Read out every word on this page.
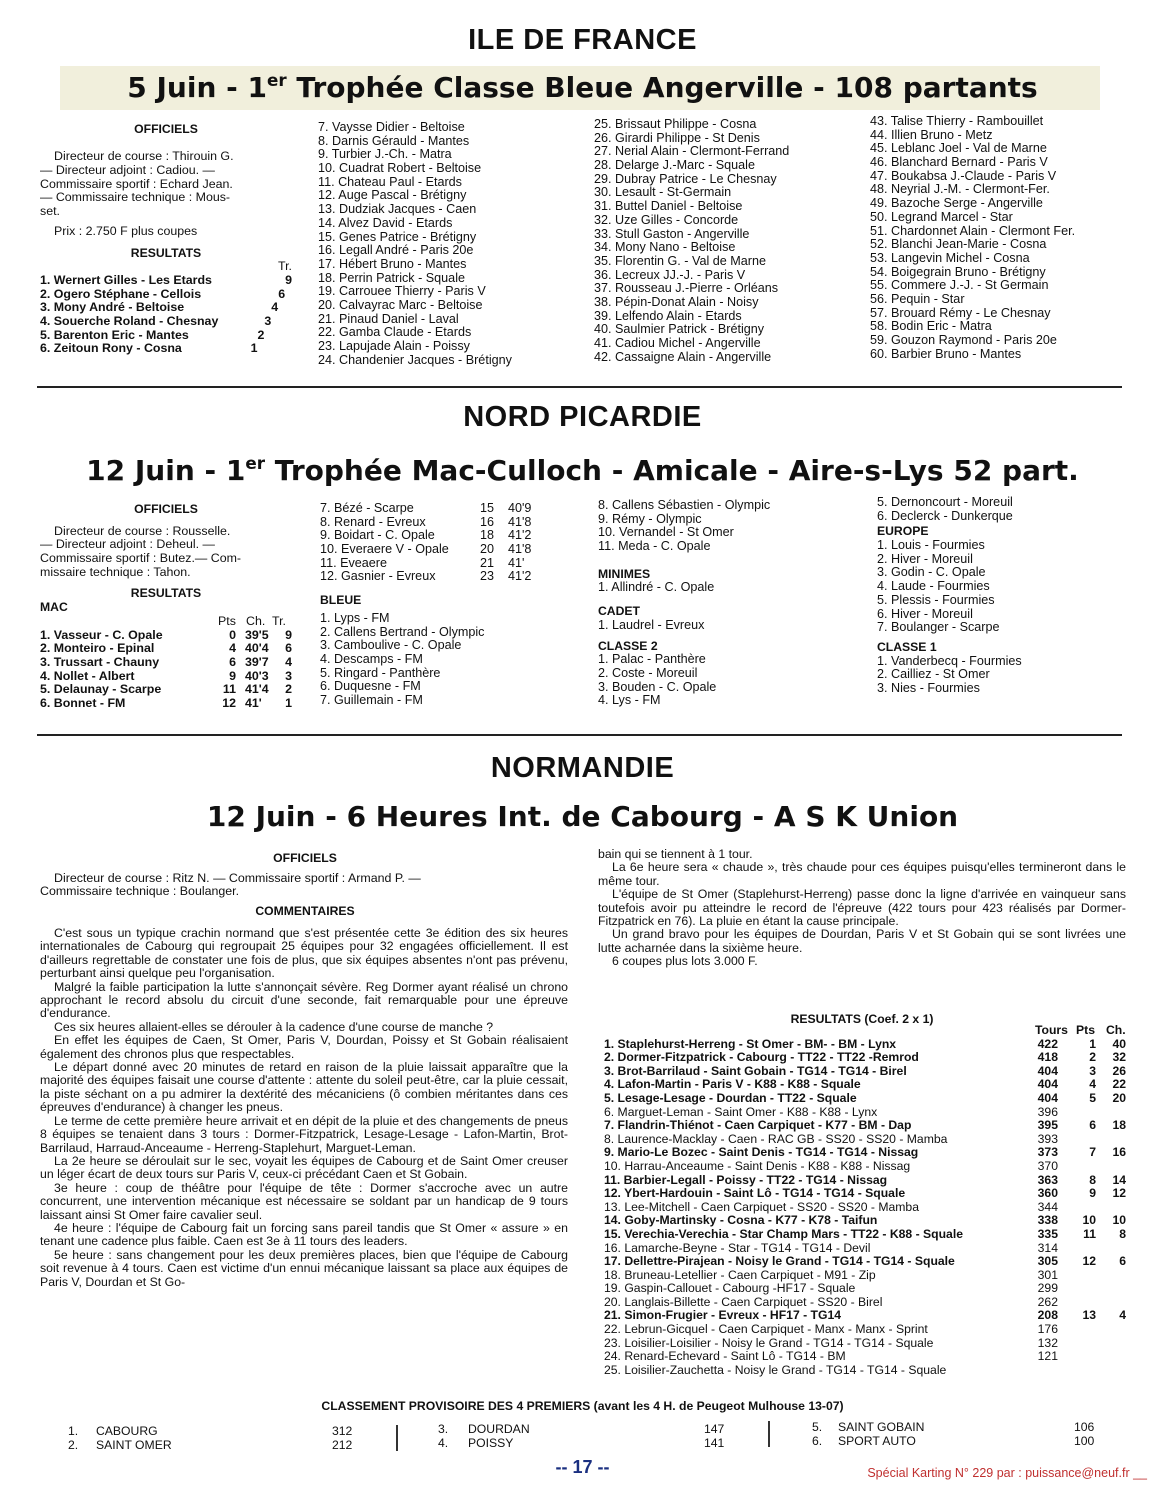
ILE DE FRANCE
5 Juin - 1er Trophée Classe Bleue Angerville - 108 partants
OFFICIELS
Directeur de course : Thirouin G.
— Directeur adjoint : Cadiou. —
Commissaire sportif : Echard Jean.
— Commissaire technique : Mous-
set.
Prix : 2.750 F plus coupes
RESULTATS
Tr.
1. Wernert Gilles - Les Etards	9
2. Ogero Stéphane - Cellois	6
3. Mony André - Beltoise	4
4. Souerche Roland - Chesnay	3
5. Barenton Eric - Mantes	2
6. Zeitoun Rony - Cosna	1
7. Vaysse Didier - Beltoise
8. Darnis Gérauld - Mantes
9. Turbier J.-Ch. - Matra
10. Cuadrat Robert - Beltoise
11. Chateau Paul - Etards
12. Auge Pascal - Brétigny
13. Dudziak Jacques - Caen
14. Alvez David - Etards
15. Genes Patrice - Brétigny
16. Legall André - Paris 20e
17. Hébert Bruno - Mantes
18. Perrin Patrick - Squale
19. Carrouee Thierry - Paris V
20. Calvayrac Marc - Beltoise
21. Pinaud Daniel - Laval
22. Gamba Claude - Etards
23. Lapujade Alain - Poissy
24. Chandenier Jacques - Brétigny
25. Brissaut Philippe - Cosna
26. Girardi Philippe - St Denis
27. Nerial Alain - Clermont-Ferrand
28. Delarge J.-Marc - Squale
29. Dubray Patrice - Le Chesnay
30. Lesault - St-Germain
31. Buttel Daniel - Beltoise
32. Uze Gilles - Concorde
33. Stull Gaston - Angerville
34. Mony Nano - Beltoise
35. Florentin G. - Val de Marne
36. Lecreux JJ.-J. - Paris V
37. Rousseau J.-Pierre - Orléans
38. Pépin-Donat Alain - Noisy
39. Lelfendo Alain - Etards
40. Saulmier Patrick - Brétigny
41. Cadiou Michel - Angerville
42. Cassaigne Alain - Angerville
43. Talise Thierry - Rambouillet
44. Illien Bruno - Metz
45. Leblanc Joel - Val de Marne
46. Blanchard Bernard - Paris V
47. Boukabsa J.-Claude - Paris V
48. Neyrial J.-M. - Clermont-Fer.
49. Bazoche Serge - Angerville
50. Legrand Marcel - Star
51. Chardonnet Alain - Clermont Fer.
52. Blanchi Jean-Marie - Cosna
53. Langevin Michel - Cosna
54. Boigegrain Bruno - Brétigny
55. Commere J.-J. - St Germain
56. Pequin - Star
57. Brouard Rémy - Le Chesnay
58. Bodin Eric - Matra
59. Gouzon Raymond - Paris 20e
60. Barbier Bruno - Mantes
NORD PICARDIE
12 Juin - 1er Trophée Mac-Culloch - Amicale - Aire-s-Lys 52 part.
OFFICIELS
Directeur de course : Rousselle.
— Directeur adjoint : Deheul. —
Commissaire sportif : Butez.— Com-
missaire technique : Tahon.
RESULTATS
MAC
Pts Ch. Tr.
1. Vasseur - C. Opale	0 39'5	9
2. Monteiro - Epinal	4 40'4	6
3. Trussart - Chauny	6 39'7	4
4. Nollet - Albert	9 40'3	3
5. Delaunay - Scarpe	11 41'4	2
6. Bonnet - FM	12 41'	1
7. Bézé - Scarpe	15 40'9
8. Renard - Evreux	16 41'8
9. Boidart - C. Opale	18 41'2
10. Everaere V - Opale	20 41'8
11. Eveaere	21 41'
12. Gasnier - Evreux	23 41'2
BLEUE
1. Lyps - FM
2. Callens Bertrand - Olympic
3. Camboulive - C. Opale
4. Descamps - FM
5. Ringard - Panthère
6. Duquesne - FM
7. Guillemain - FM
8. Callens Sébastien - Olympic
9. Rémy - Olympic
10. Vernandel - St Omer
11. Meda - C. Opale
MINIMES
1. Allindré - C. Opale
CADET
1. Laudrel - Evreux
CLASSE 2
1. Palac - Panthère
2. Coste - Moreuil
3. Bouden - C. Opale
4. Lys - FM
5. Dernoncourt - Moreuil
6. Declerck - Dunkerque
EUROPE
1. Louis - Fourmies
2. Hiver - Moreuil
3. Godin - C. Opale
4. Laude - Fourmies
5. Plessis - Fourmies
6. Hiver - Moreuil
7. Boulanger - Scarpe
CLASSE 1
1. Vanderbecq - Fourmies
2. Cailliez - St Omer
3. Nies - Fourmies
NORMANDIE
12 Juin - 6 Heures Int. de Cabourg - A S K Union
OFFICIELS
Directeur de course : Ritz N. — Commissaire sportif : Armand P. —
Commissaire technique : Boulanger.
COMMENTAIRES

C'est sous un typique crachin normand que s'est présentée cette 3e édition des six heures internationales de Cabourg qui regroupait 25 équipes pour 32 engagées officiellement. Il est d'ailleurs regrettable de constater une fois de plus, que six équipes absentes n'ont pas prévenu, perturbant ainsi quelque peu l'organisation.

Malgré la faible participation la lutte s'annonçait sévère. Reg Dormer ayant réalisé un chrono approchant le record absolu du circuit d'une seconde, fait remarquable pour une épreuve d'endurance.

Ces six heures allaient-elles se dérouler à la cadence d'une course de manche ?

En effet les équipes de Caen, St Omer, Paris V, Dourdan, Poissy et St Gobain réalisaient également des chronos plus que respectables.

Le départ donné avec 20 minutes de retard en raison de la pluie laissait apparaître que la majorité des équipes faisait une course d'attente : attente du soleil peut-être, car la pluie cessait, la piste séchant on a pu admirer la dextérité des mécaniciens (ô combien méritantes dans ces épreuves d'endurance) à changer les pneus.

Le terme de cette première heure arrivait et en dépit de la pluie et des changements de pneus 8 équipes se tenaient dans 3 tours : Dormer-Fitzpatrick, Lesage-Lesage - Lafon-Martin, Brot-Barrilaud, Harraud-Anceaume - Herreng-Staplehurt, Marguet-Leman.

La 2e heure se déroulait sur le sec, voyait les équipes de Cabourg et de Saint Omer creuser un léger écart de deux tours sur Paris V, ceux-ci précédant Caen et St Gobain.

3e heure : coup de théâtre pour l'équipe de tête : Dormer s'accroche avec un autre concurrent, une intervention mécanique est nécessaire se soldant par un handicap de 9 tours laissant ainsi St Omer faire cavalier seul.

4e heure : l'équipe de Cabourg fait un forcing sans pareil tandis que St Omer « assure » en tenant une cadence plus faible. Caen est 3e à 11 tours des leaders.

5e heure : sans changement pour les deux premières places, bien que l'équipe de Cabourg soit revenue à 4 tours. Caen est victime d'un ennui mécanique laissant sa place aux équipes de Paris V, Dourdan et St Go-

bain qui se tiennent à 1 tour.

La 6e heure sera « chaude », très chaude pour ces équipes puisqu'elles termineront dans le même tour.

L'équipe de St Omer (Staplehurst-Herreng) passe donc la ligne d'arrivée en vainqueur sans toutefois avoir pu atteindre le record de l'épreuve (422 tours pour 423 réalisés par Dormer-Fitzpatrick en 76). La pluie en étant la cause principale.

Un grand bravo pour les équipes de Dourdan, Paris V et St Gobain qui se sont livrées une lutte acharnée dans la sixième heure.

6 coupes plus lots 3.000 F.

RESULTATS (Coef. 2 x 1)
Tours Pts Ch.
1. Staplehurst-Herreng - St Omer - BM- - BM - Lynx	422	1	40
2. Dormer-Fitzpatrick - Cabourg - TT22 - TT22 -Remrod	418	2	32
3. Brot-Barrilaud - Saint Gobain - TG14 - TG14 - Birel	404	3	26
4. Lafon-Martin - Paris V - K88 - K88 - Squale	404	4	22
5. Lesage-Lesage - Dourdan - TT22 - Squale	404	5	20
6. Marguet-Leman - Saint Omer - K88 - K88 - Lynx	396
7. Flandrin-Thiénot - Caen Carpiquet - K77 - BM - Dap	395	6	18
8. Laurence-Macklay - Caen - RAC GB - SS20 - SS20 - Mamba	393
9. Mario-Le Bozec - Saint Denis - TG14 - TG14 - Nissag	373	7	16
10. Harrau-Anceaume - Saint Denis - K88 - K88 - Nissag	370
11. Barbier-Legall - Poissy - TT22 - TG14 - Nissag	363	8	14
12. Ybert-Hardouin - Saint Lô - TG14 - TG14 - Squale	360	9	12
13. Lee-Mitchell - Caen Carpiquet - SS20 - SS20 - Mamba	344
14. Goby-Martinsky - Cosna - K77 - K78 - Taifun	338	10	10
15. Verechia-Verechia - Star Champ Mars - TT22 - K88 - Squale	335	11	8
16. Lamarche-Beyne - Star - TG14 - TG14 - Devil	314
17. Dellettre-Pirajean - Noisy le Grand - TG14 - TG14 - Squale	305	12	6
18. Bruneau-Letellier - Caen Carpiquet - M91 - Zip	301
19. Gaspin-Callouet - Cabourg -HF17 - Squale	299
20. Langlais-Billette - Caen Carpiquet - SS20 - Birel	262
21. Simon-Frugier - Evreux - HF17 - TG14	208	13	4
22. Lebrun-Gicquel - Caen Carpiquet - Manx - Manx - Sprint	176
23. Loisilier-Loisilier - Noisy le Grand - TG14 - TG14 - Squale	132
24. Renard-Echevard - Saint Lô - TG14 - BM	121
25. Loisilier-Zauchetta - Noisy le Grand - TG14 - TG14 - Squale
CLASSEMENT PROVISOIRE DES 4 PREMIERS (avant les 4 H. de Peugeot Mulhouse 13-07)
1. CABOURG	312
2. SAINT OMER	212
3. DOURDAN	147
4. POISSY	141
5. SAINT GOBAIN	106
6. SPORT AUTO	100
-- 17 --	Spécial Karting N° 229 par : puissance@neuf.fr __
